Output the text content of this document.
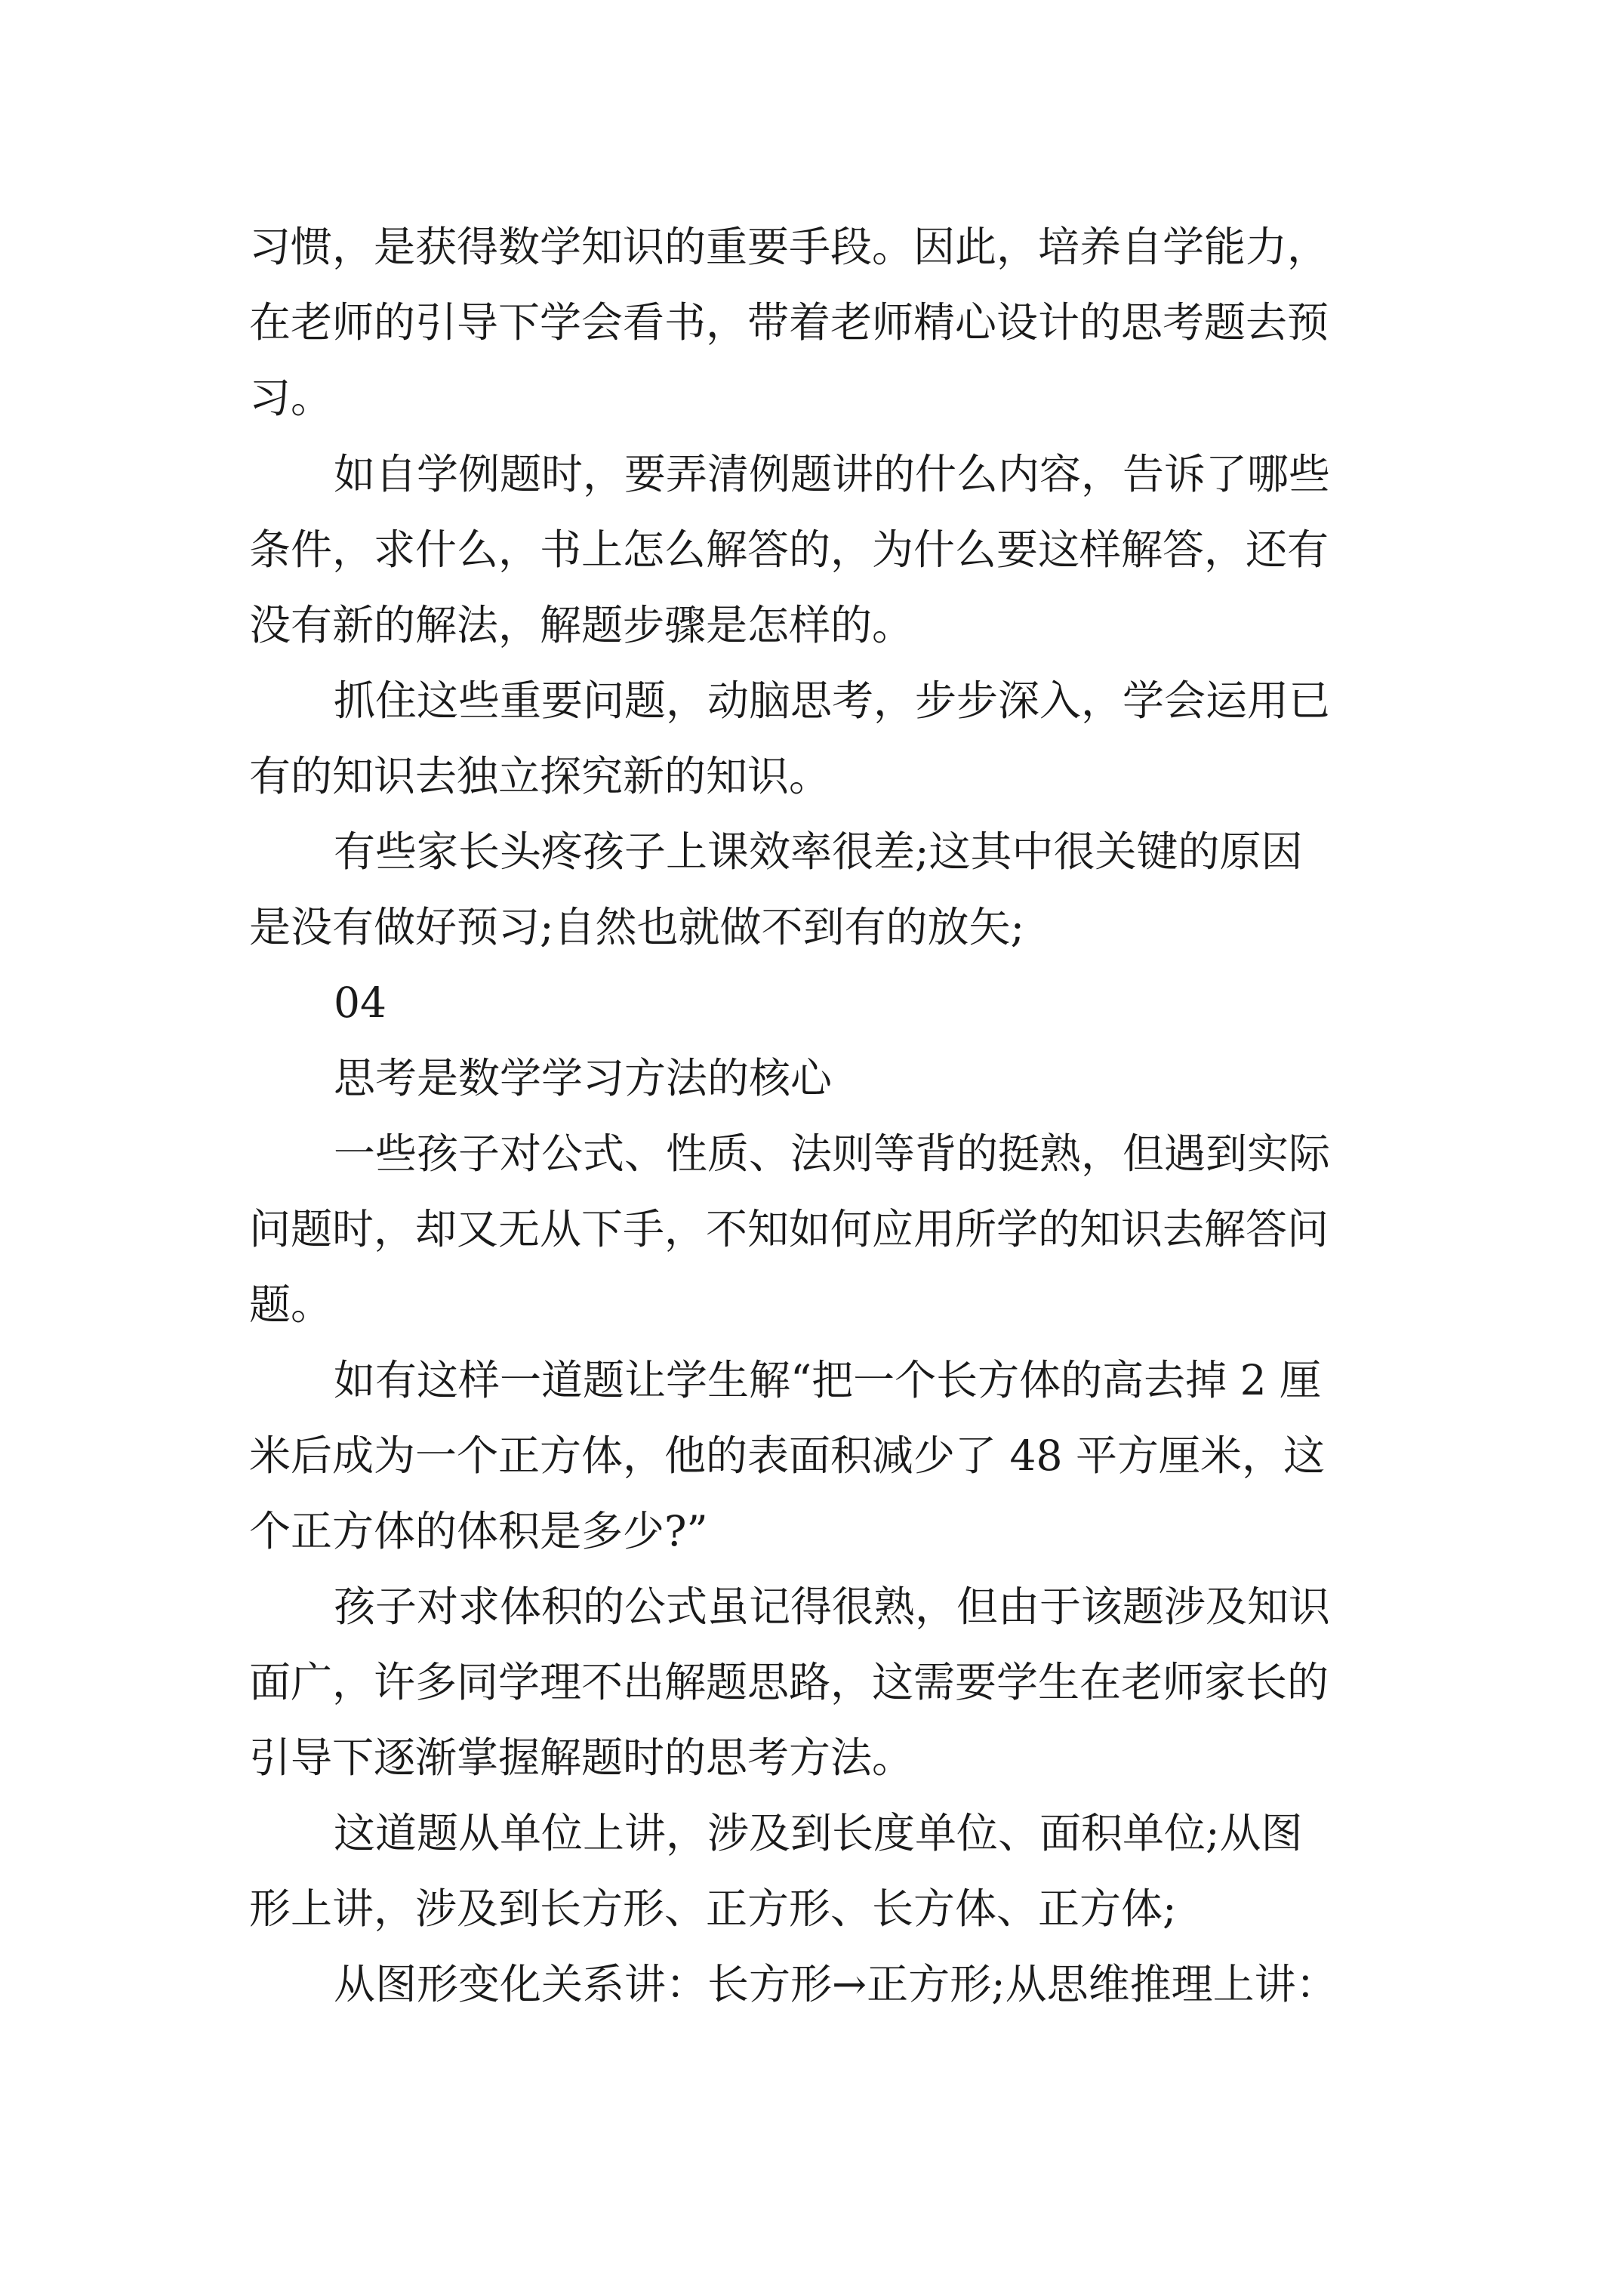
习惯，是获得数学知识的重要手段。因此，培养自学能力，

在老师的引导下学会看书，带着老师精心设计的思考题去预

习。

如自学例题时，要弄清例题讲的什么内容，告诉了哪些

条件，求什么，书上怎么解答的，为什么要这样解答，还有

没有新的解法，解题步骤是怎样的。

抓住这些重要问题，动脑思考，步步深入，学会运用已

有的知识去独立探究新的知识。

有些家长头疼孩子上课效率很差;这其中很关键的原因

是没有做好预习;自然也就做不到有的放矢;

04

思考是数学学习方法的核心

一些孩子对公式、性质、法则等背的挺熟，但遇到实际

问题时，却又无从下手，不知如何应用所学的知识去解答问

题。

如有这样一道题让学生解“把一个长方体的高去掉 2 厘

米后成为一个正方体，他的表面积减少了 48 平方厘米，这

个正方体的体积是多少?”

孩子对求体积的公式虽记得很熟，但由于该题涉及知识

面广，许多同学理不出解题思路，这需要学生在老师家长的

引导下逐渐掌握解题时的思考方法。

这道题从单位上讲，涉及到长度单位、面积单位;从图

形上讲，涉及到长方形、正方形、长方体、正方体;

从图形变化关系讲：长方形→正方形;从思维推理上讲：
